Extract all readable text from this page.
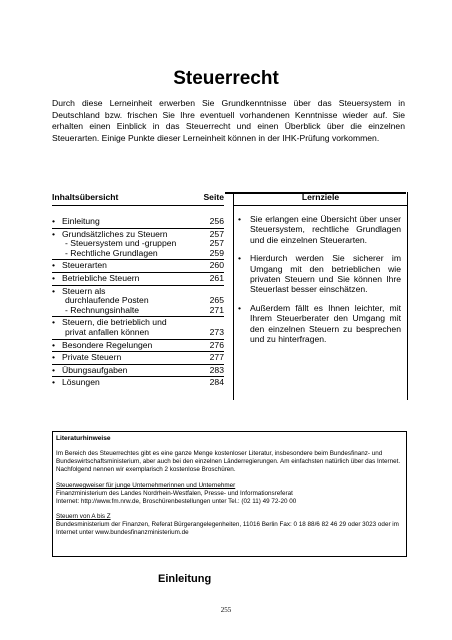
Steuerrecht
Durch diese Lerneinheit erwerben Sie Grundkenntnisse über das Steuersystem in Deutschland bzw. frischen Sie Ihre eventuell vorhandenen Kenntnisse wieder auf. Sie erhalten einen Einblick in das Steuerrecht und einen Überblick über die einzelnen Steuerarten. Einige Punkte dieser Lerneinheit können in der IHK-Prüfung vorkommen.
Inhaltsübersicht	Seite
• Einleitung	256
• Grundsätzliches zu Steuern	257
- Steuersystem und -gruppen	257
- Rechtliche Grundlagen	259
• Steuerarten	260
• Betriebliche Steuern	261
• Steuern als
durchlaufende Posten	265
- Rechnungsinhalte	271
• Steuern, die betrieblich und
privat anfallen können	273
• Besondere Regelungen	276
• Private Steuern	277
• Übungsaufgaben	283
• Lösungen	284
Lernziele
•	Sie erlangen eine Übersicht über unser Steuersystem, rechtliche Grundlagen und die einzelnen Steuerarten.
•	Hierdurch werden Sie sicherer im Umgang mit den betrieblichen wie privaten Steuern und Sie können Ihre Steuerlast besser einschätzen.
•	Außerdem fällt es Ihnen leichter, mit Ihrem Steuerberater den Umgang mit den einzelnen Steuern zu besprechen und zu hinterfragen.
Literaturhinweise

Im Bereich des Steuerrechtes gibt es eine ganze Menge kostenloser Literatur, insbesondere beim Bundesfinanz- und Bundeswirtschaftsministerium, aber auch bei den einzelnen Länderregierungen. Am einfachsten natürlich über das Internet. Nachfolgend nennen wir exemplarisch 2 kostenlose Broschüren.

Steuerwegweiser für junge Unternehmerinnen und Unternehmer
Finanzministerium des Landes Nordrhein-Westfalen, Presse- und Informationsreferat
Internet: http://www.fm.nrw.de, Broschürenbestellungen unter Tel.: (02 11) 49 72-20 00

Steuern von A bis Z
Bundesministerium der Finanzen, Referat Bürgerangelegenheiten, 11016 Berlin Fax: 0 18 88/6 82 46 29 oder 3023 oder im Internet unter www.bundesfinanzministerium.de

Einleitung
255
